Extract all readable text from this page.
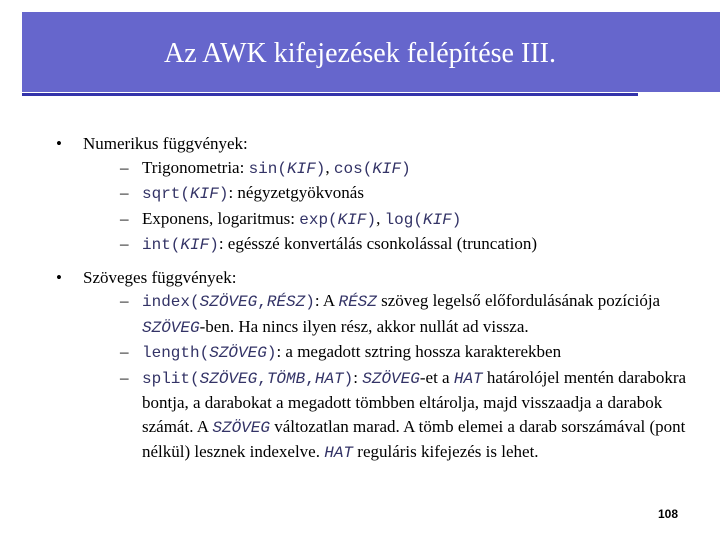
Az AWK kifejezések felépítése III.
• Numerikus függvények:
– Trigonometria: sin(KIF), cos(KIF)
– sqrt(KIF): négyzetgyökvonás
– Exponens, logaritmus: exp(KIF), log(KIF)
– int(KIF): egésszé konvertálás csonkolással (truncation)
• Szöveges függvények:
– index(SZÖVEG,RÉSZ): A RÉSZ szöveg legelső előfordulásának pozíciója SZÖVEG-ben. Ha nincs ilyen rész, akkor nullát ad vissza.
– length(SZÖVEG): a megadott sztring hossza karakterekben
– split(SZÖVEG,TÖMB,HAT): SZÖVEG-et a HAT határolójel mentén darabokra bontja, a darabokat a megadott tömbben eltárolja, majd visszaadja a darabok számát. A SZÖVEG változatlan marad. A tömb elemei a darab sorszámával (pont nélkül) lesznek indexelve. HAT reguláris kifejezés is lehet.
108
